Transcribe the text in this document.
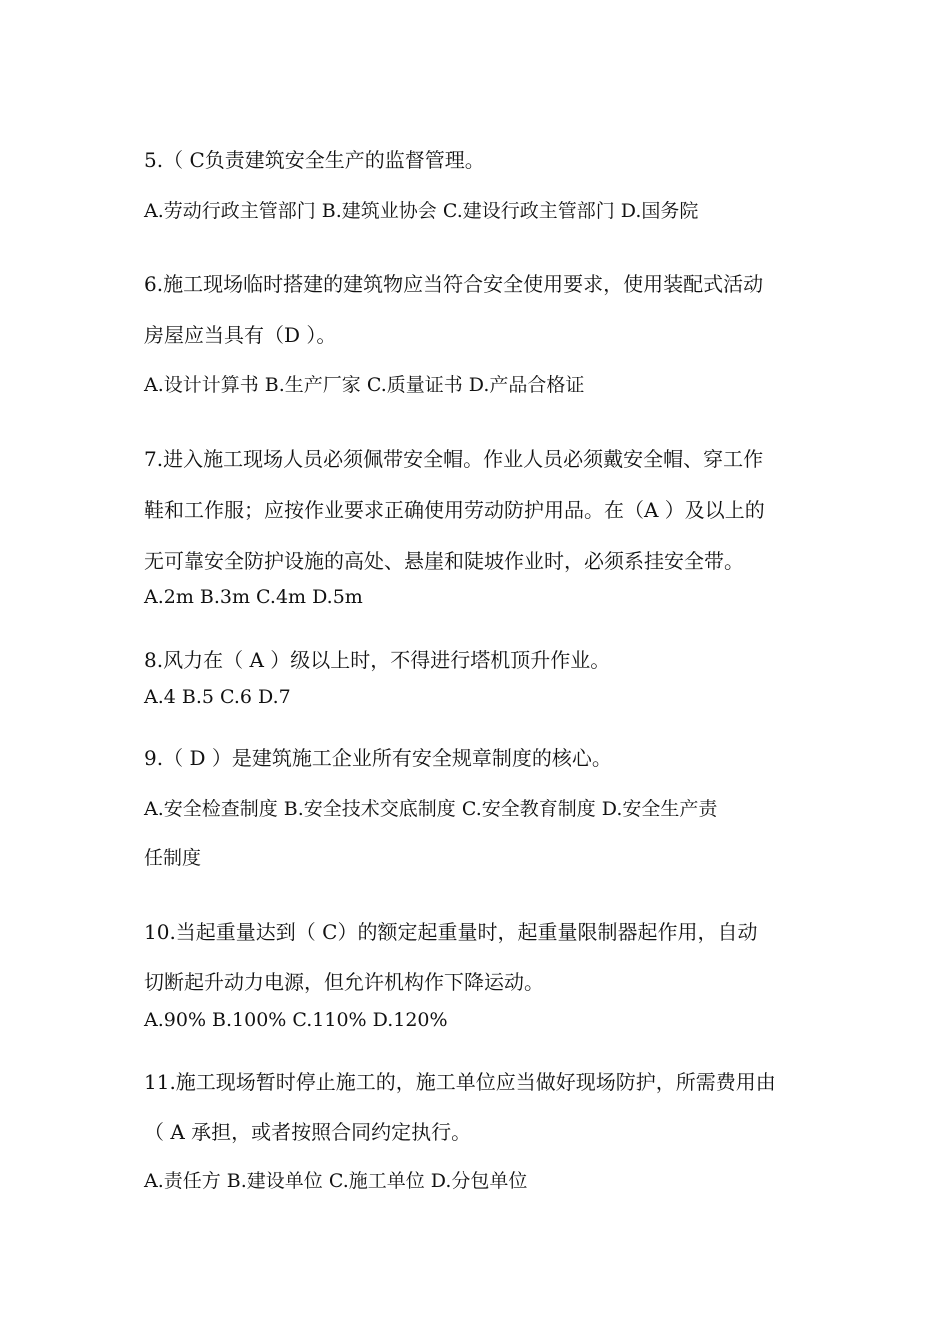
5.（ C负责建筑安全生产的监督管理。
A.劳动行政主管部门 B.建筑业协会 C.建设行政主管部门 D.国务院
6.施工现场临时搭建的建筑物应当符合安全使用要求，使用装配式活动
房屋应当具有（D ）。
A.设计计算书 B.生产厂家 C.质量证书 D.产品合格证
7.进入施工现场人员必须佩带安全帽。作业人员必须戴安全帽、穿工作
鞋和工作服；应按作业要求正确使用劳动防护用品。在（A ）及以上的
无可靠安全防护设施的高处、悬崖和陡坡作业时，必须系挂安全带。
A.2m B.3m C.4m D.5m
8.风力在（ A ）级以上时，不得进行塔机顶升作业。
A.4 B.5 C.6 D.7
9.（ D ）是建筑施工企业所有安全规章制度的核心。
A.安全检查制度 B.安全技术交底制度 C.安全教育制度 D.安全生产责
任制度
10.当起重量达到（ C）的额定起重量时，起重量限制器起作用，自动
切断起升动力电源，但允许机构作下降运动。
A.90% B.100% C.110% D.120%
11.施工现场暂时停止施工的，施工单位应当做好现场防护，所需费用由
（ A 承担，或者按照合同约定执行。
A.责任方 B.建设单位 C.施工单位 D.分包单位
